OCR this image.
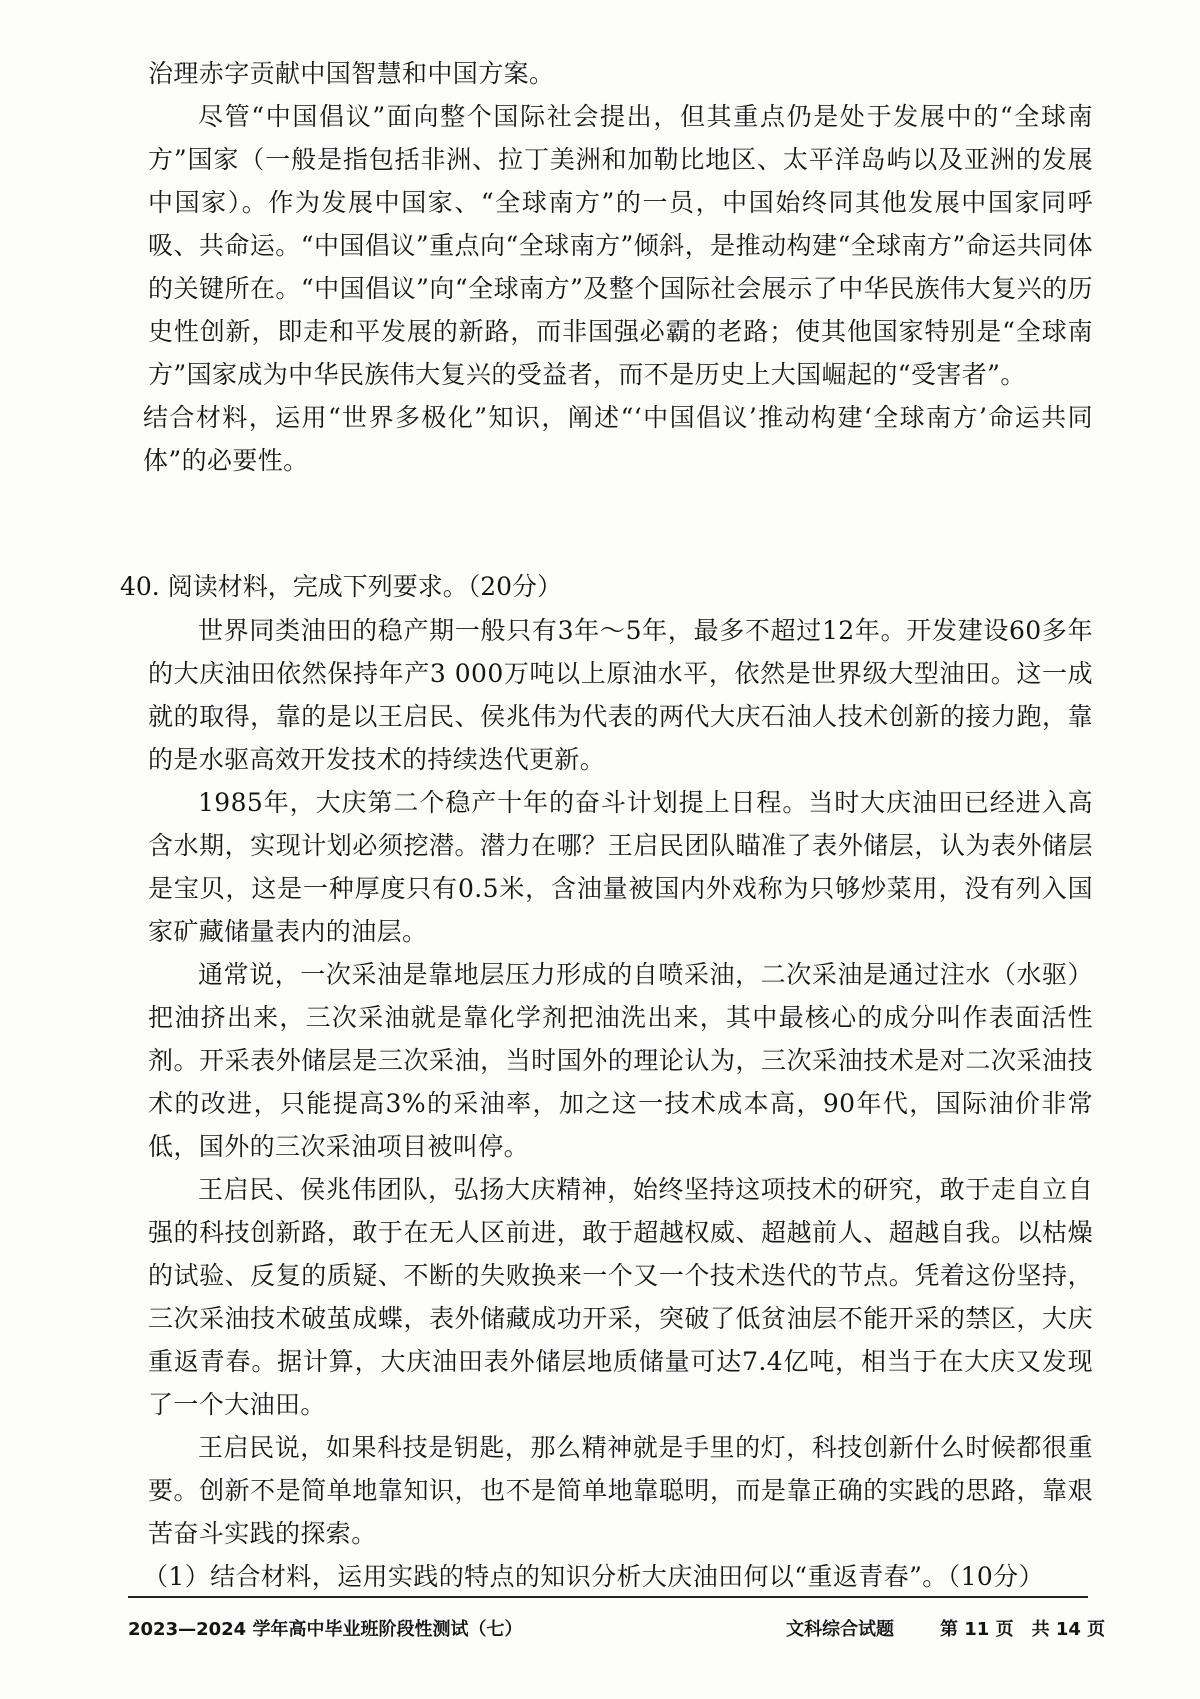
治理赤字贡献中国智慧和中国方案。

尽管“中国倡议”面向整个国际社会提出，但其重点仍是处于发展中的“全球南方”国家（一般是指包括非洲、拉丁美洲和加勒比地区、太平洋岛屿以及亚洲的发展中国家）。作为发展中国家、“全球南方”的一员，中国始终同其他发展中国家同呼吸、共命运。“中国倡议”重点向“全球南方”倾斜，是推动构建“全球南方”命运共同体的关键所在。“中国倡议”向“全球南方”及整个国际社会展示了中华民族伟大复兴的历史性创新，即走和平发展的新路，而非国强必霸的老路；使其他国家特别是“全球南方”国家成为中华民族伟大复兴的受益者，而不是历史上大国崛起的“受害者”。

结合材料，运用“世界多极化”知识，阐述“‘中国倡议’推动构建‘全球南方’命运共同体”的必要性。

40. 阅读材料，完成下列要求。（20分）

世界同类油田的稳产期一般只有3年～5年，最多不超过12年。开发建设60多年的大庆油田依然保持年产3 000万吨以上原油水平，依然是世界级大型油田。这一成就的取得，靠的是以王启民、侯兆伟为代表的两代大庆石油人技术创新的接力跑，靠的是水驱高效开发技术的持续迭代更新。

1985年，大庆第二个稳产十年的奋斗计划提上日程。当时大庆油田已经进入高含水期，实现计划必须挖潜。潜力在哪？王启民团队瞄准了表外储层，认为表外储层是宝贝，这是一种厚度只有0.5米，含油量被国内外戏称为只够炒菜用，没有列入国家矿藏储量表内的油层。

通常说，一次采油是靠地层压力形成的自喷采油，二次采油是通过注水（水驱）把油挤出来，三次采油就是靠化学剂把油洗出来，其中最核心的成分叫作表面活性剂。开采表外储层是三次采油，当时国外的理论认为，三次采油技术是对二次采油技术的改进，只能提高3%的采油率，加之这一技术成本高，90年代，国际油价非常低，国外的三次采油项目被叫停。

王启民、侯兆伟团队，弘扬大庆精神，始终坚持这项技术的研究，敢于走自立自强的科技创新路，敢于在无人区前进，敢于超越权威、超越前人、超越自我。以枯燥的试验、反复的质疑、不断的失败换来一个又一个技术迭代的节点。凭着这份坚持，三次采油技术破茧成蝶，表外储藏成功开采，突破了低贫油层不能开采的禁区，大庆重返青春。据计算，大庆油田表外储层地质储量可达7.4亿吨，相当于在大庆又发现了一个大油田。

王启民说，如果科技是钥匙，那么精神就是手里的灯，科技创新什么时候都很重要。创新不是简单地靠知识，也不是简单地靠聪明，而是靠正确的实践的思路，靠艰苦奋斗实践的探索。

（1）结合材料，运用实践的特点的知识分析大庆油田何以“重返青春”。（10分）

2023—2024 学年高中毕业班阶段性测试（七）	文科综合试题	第 11 页　共 14 页
